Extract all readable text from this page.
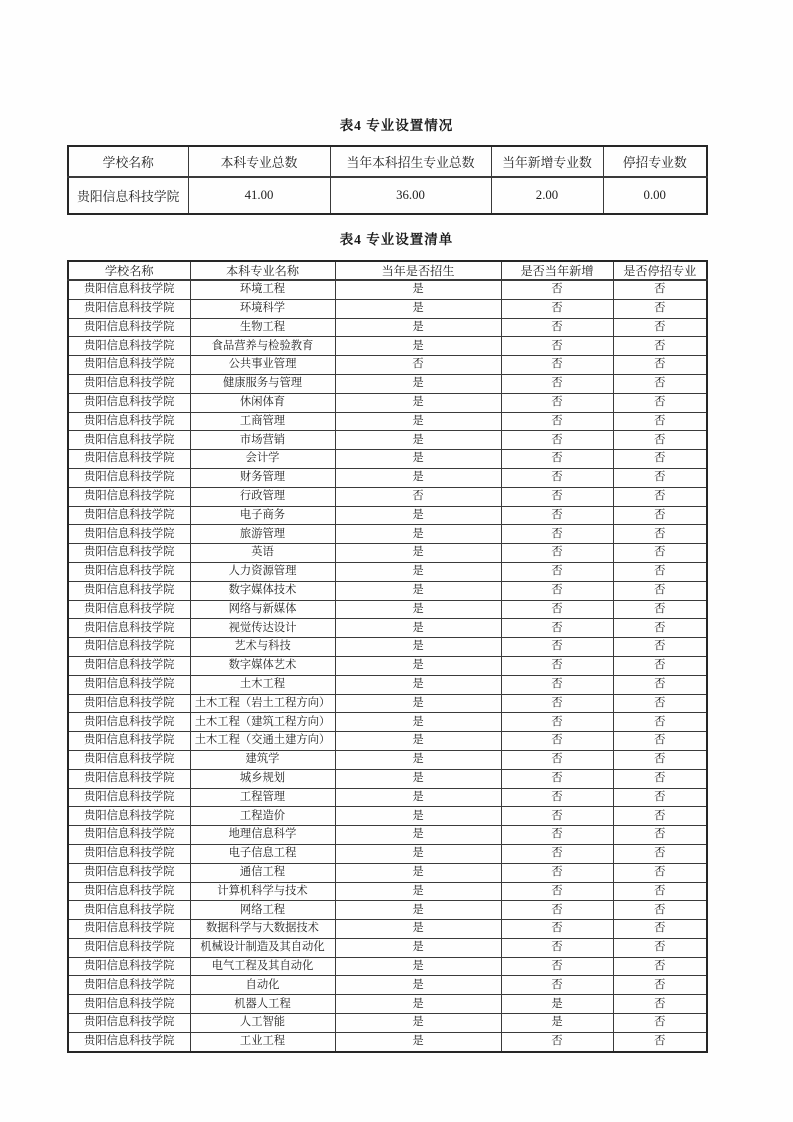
表4 专业设置情况
学校名称	本科专业总数	当年本科招生专业总数	当年新增专业数	停招专业数
贵阳信息科技学院	41.00	36.00	2.00	0.00
表4 专业设置清单
学校名称	本科专业名称	当年是否招生	是否当年新增	是否停招专业
贵阳信息科技学院	环境工程	是	否	否
贵阳信息科技学院	环境科学	是	否	否
贵阳信息科技学院	生物工程	是	否	否
贵阳信息科技学院	食品营养与检验教育	是	否	否
贵阳信息科技学院	公共事业管理	否	否	否
贵阳信息科技学院	健康服务与管理	是	否	否
贵阳信息科技学院	休闲体育	是	否	否
贵阳信息科技学院	工商管理	是	否	否
贵阳信息科技学院	市场营销	是	否	否
贵阳信息科技学院	会计学	是	否	否
贵阳信息科技学院	财务管理	是	否	否
贵阳信息科技学院	行政管理	否	否	否
贵阳信息科技学院	电子商务	是	否	否
贵阳信息科技学院	旅游管理	是	否	否
贵阳信息科技学院	英语	是	否	否
贵阳信息科技学院	人力资源管理	是	否	否
贵阳信息科技学院	数字媒体技术	是	否	否
贵阳信息科技学院	网络与新媒体	是	否	否
贵阳信息科技学院	视觉传达设计	是	否	否
贵阳信息科技学院	艺术与科技	是	否	否
贵阳信息科技学院	数字媒体艺术	是	否	否
贵阳信息科技学院	土木工程	是	否	否
贵阳信息科技学院	土木工程（岩土工程方向）	是	否	否
贵阳信息科技学院	土木工程（建筑工程方向）	是	否	否
贵阳信息科技学院	土木工程（交通土建方向）	是	否	否
贵阳信息科技学院	建筑学	是	否	否
贵阳信息科技学院	城乡规划	是	否	否
贵阳信息科技学院	工程管理	是	否	否
贵阳信息科技学院	工程造价	是	否	否
贵阳信息科技学院	地理信息科学	是	否	否
贵阳信息科技学院	电子信息工程	是	否	否
贵阳信息科技学院	通信工程	是	否	否
贵阳信息科技学院	计算机科学与技术	是	否	否
贵阳信息科技学院	网络工程	是	否	否
贵阳信息科技学院	数据科学与大数据技术	是	否	否
贵阳信息科技学院	机械设计制造及其自动化	是	否	否
贵阳信息科技学院	电气工程及其自动化	是	否	否
贵阳信息科技学院	自动化	是	否	否
贵阳信息科技学院	机器人工程	是	是	否
贵阳信息科技学院	人工智能	是	是	否
贵阳信息科技学院	工业工程	是	否	否
